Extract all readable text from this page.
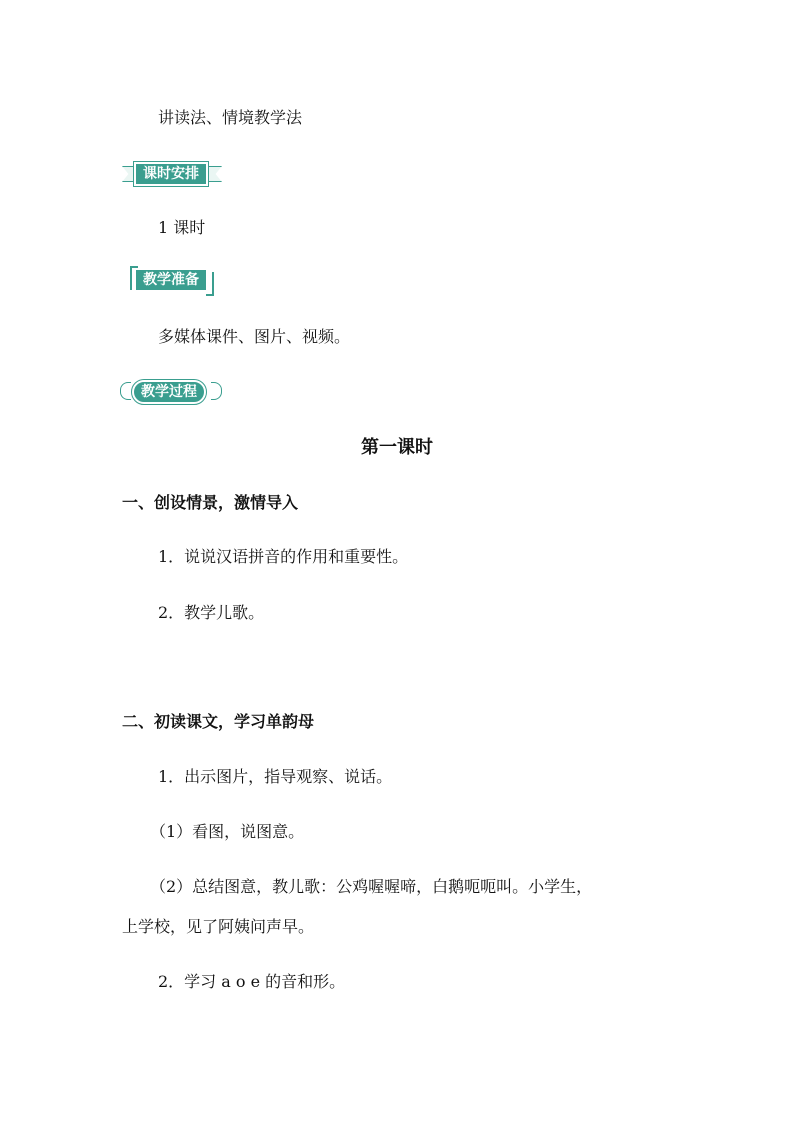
讲读法、情境教学法
课时安排
1 课时
教学准备
多媒体课件、图片、视频。
教学过程
第一课时
一、创设情景，激情导入
1．说说汉语拼音的作用和重要性。
2．教学儿歌。
二、初读课文，学习单韵母
1．出示图片，指导观察、说话。
（1）看图，说图意。
（2）总结图意，教儿歌：公鸡喔喔啼，白鹅呃呃叫。小学生，
上学校，见了阿姨问声早。
2．学习 a o e 的音和形。
